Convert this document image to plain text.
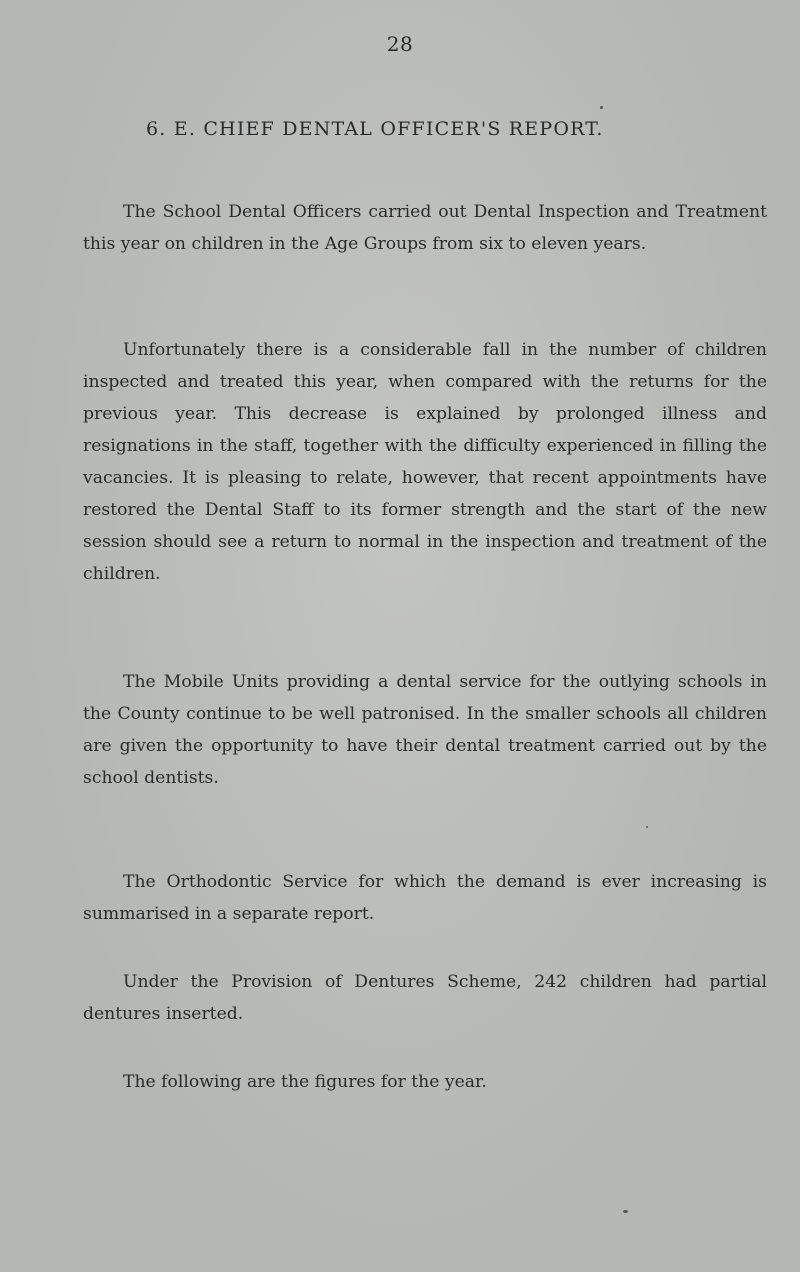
28
6. E. CHIEF DENTAL OFFICER'S REPORT.

The School Dental Officers carried out Dental Inspection and Treatment this year on children in the Age Groups from six to eleven years.

Unfortunately there is a considerable fall in the number of children inspected and treated this year, when compared with the returns for the previous year. This decrease is explained by prolonged illness and resignations in the staff, together with the difficulty experienced in filling the vacancies. It is pleasing to relate, however, that recent appointments have restored the Dental Staff to its former strength and the start of the new session should see a return to normal in the inspection and treatment of the children.

The Mobile Units providing a dental service for the outlying schools in the County continue to be well patronised. In the smaller schools all children are given the opportunity to have their dental treatment carried out by the school dentists.

The Orthodontic Service for which the demand is ever increasing is summarised in a separate report.

Under the Provision of Dentures Scheme, 242 children had partial dentures inserted.

The following are the figures for the year.
